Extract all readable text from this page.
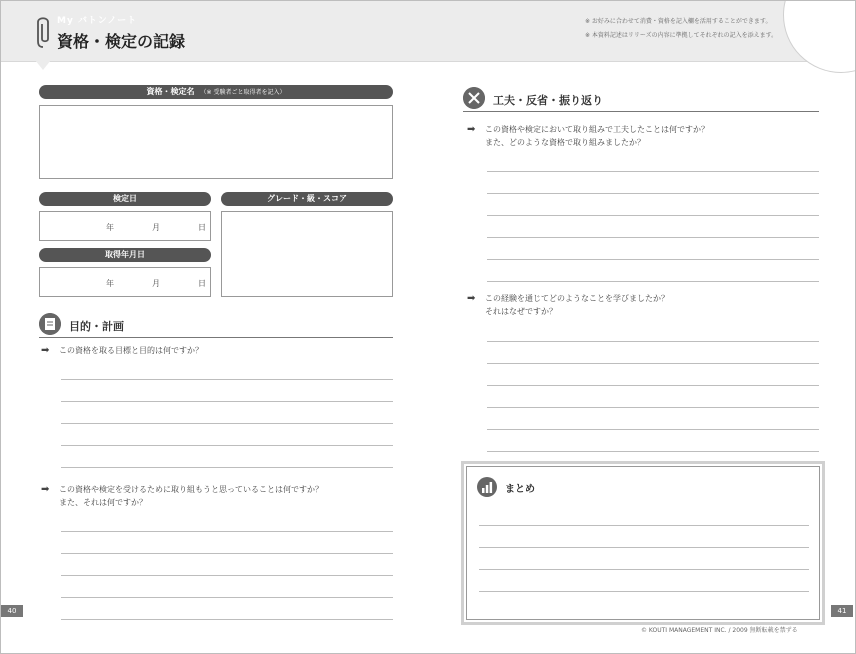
My バトンノート
資格・検定の記録
※ お好みに合わせて消費・資格を記入欄を活用することができます。
※ 本資料記述はリリーズの内容に準拠してそれぞれの記入を添えます。
資格・検定名 （※ 受験者ごと取得者を記入）
検定日
年	月	日
取得年月日
年	月	日
グレード・級・スコア
目的・計画
➡ この資格を取る目標と目的は何ですか？
➡ この資格や検定を受けるために取り組もうと思っていることは何ですか？
また、それは何ですか？
40
工夫・反省・振り返り
➡ この資格や検定において取り組みで工夫したことは何ですか？
また、どのような資格で取り組みましたか？
➡ この経験を通じてどのようなことを学びましたか？
それはなぜですか？
まとめ
41
© KOUTI MANAGEMENT INC. / 2009 無断転載を禁ずる
